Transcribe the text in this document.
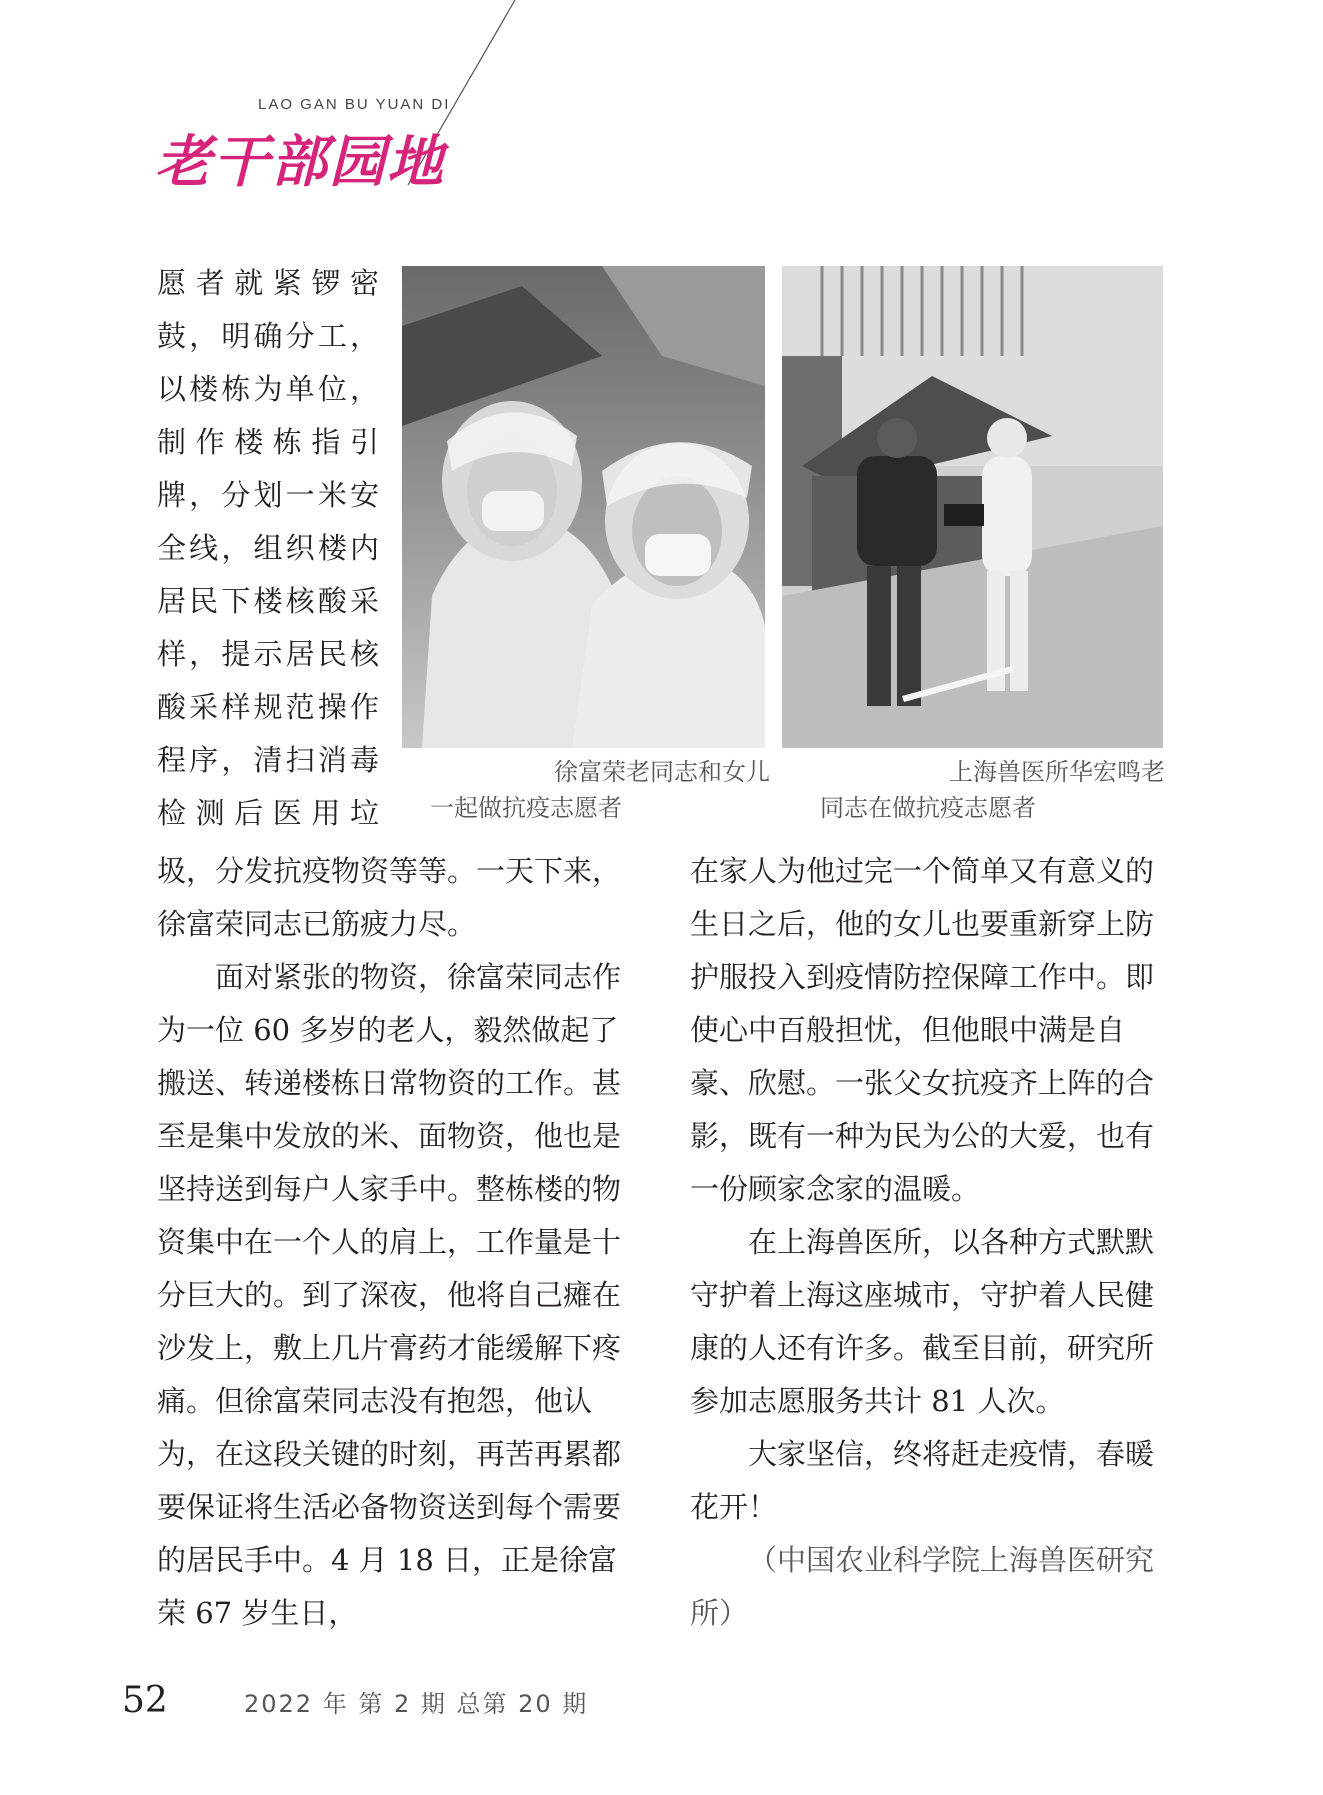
LAO GAN BU YUAN DI
老干部园地
愿者就紧锣密
鼓，明确分工，
以楼栋为单位，
制作楼栋指引
牌，分划一米安
全线，组织楼内
居民下楼核酸采
样，提示居民核
酸采样规范操作
程序，清扫消毒
检测后医用垃
徐富荣老同志和女儿
一起做抗疫志愿者
上海兽医所华宏鸣老
同志在做抗疫志愿者

圾，分发抗疫物资等等。一天下来，徐富荣同志已筋疲力尽。

面对紧张的物资，徐富荣同志作为一位 60 多岁的老人，毅然做起了搬送、转递楼栋日常物资的工作。甚至是集中发放的米、面物资，他也是坚持送到每户人家手中。整栋楼的物资集中在一个人的肩上，工作量是十分巨大的。到了深夜，他将自己瘫在沙发上，敷上几片膏药才能缓解下疼痛。但徐富荣同志没有抱怨，他认为，在这段关键的时刻，再苦再累都要保证将生活必备物资送到每个需要的居民手中。4 月 18 日，正是徐富荣 67 岁生日，

在家人为他过完一个简单又有意义的生日之后，他的女儿也要重新穿上防护服投入到疫情防控保障工作中。即使心中百般担忧，但他眼中满是自豪、欣慰。一张父女抗疫齐上阵的合影，既有一种为民为公的大爱，也有一份顾家念家的温暖。

在上海兽医所，以各种方式默默守护着上海这座城市，守护着人民健康的人还有许多。截至目前，研究所参加志愿服务共计 81 人次。

大家坚信，终将赶走疫情，春暖花开！

（中国农业科学院上海兽医研究所）

52	2022 年 第 2 期 总第 20 期
